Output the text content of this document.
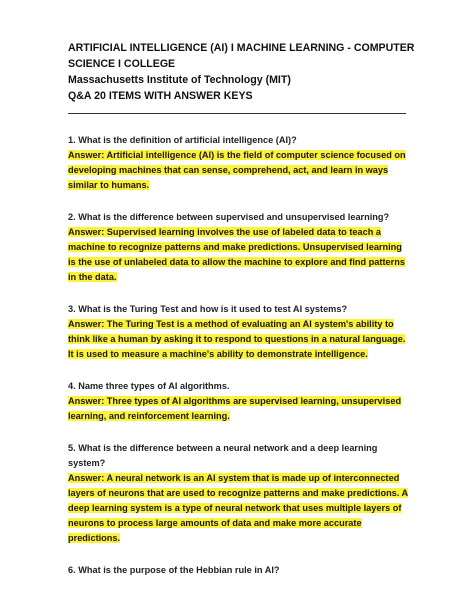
ARTIFICIAL INTELLIGENCE (AI) I MACHINE LEARNING - COMPUTER
SCIENCE I COLLEGE
Massachusetts Institute of Technology (MIT)
Q&A 20 ITEMS WITH ANSWER KEYS
1. What is the definition of artificial intelligence (AI)?
Answer: Artificial intelligence (AI) is the field of computer science focused on developing machines that can sense, comprehend, act, and learn in ways similar to humans.
2. What is the difference between supervised and unsupervised learning?
Answer: Supervised learning involves the use of labeled data to teach a machine to recognize patterns and make predictions. Unsupervised learning is the use of unlabeled data to allow the machine to explore and find patterns in the data.
3. What is the Turing Test and how is it used to test AI systems?
Answer: The Turing Test is a method of evaluating an AI system's ability to think like a human by asking it to respond to questions in a natural language. It is used to measure a machine's ability to demonstrate intelligence.
4. Name three types of AI algorithms.
Answer: Three types of AI algorithms are supervised learning, unsupervised learning, and reinforcement learning.
5. What is the difference between a neural network and a deep learning system?
Answer: A neural network is an AI system that is made up of interconnected layers of neurons that are used to recognize patterns and make predictions. A deep learning system is a type of neural network that uses multiple layers of neurons to process large amounts of data and make more accurate predictions.
6. What is the purpose of the Hebbian rule in AI?
